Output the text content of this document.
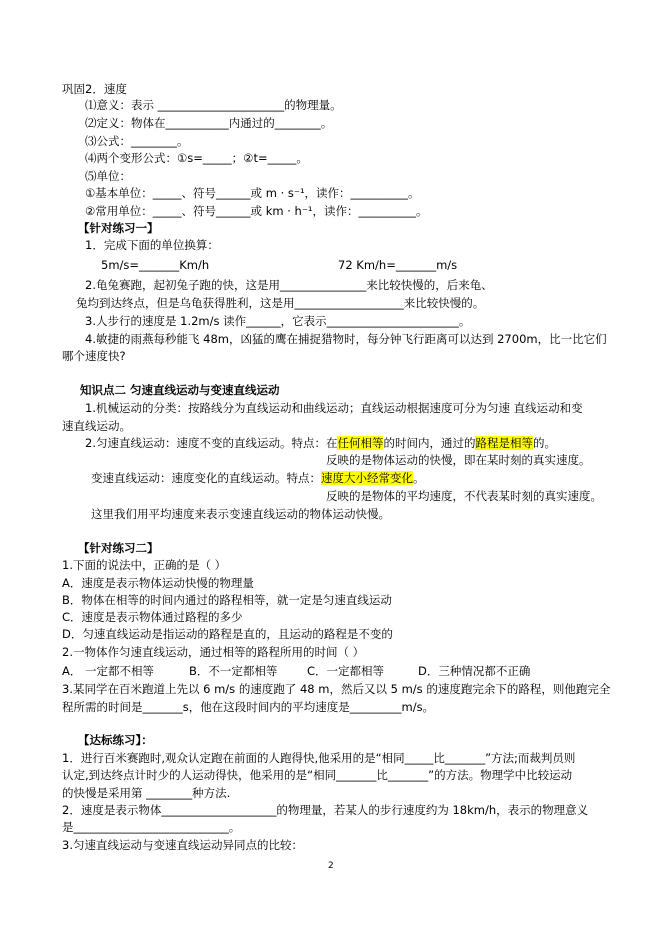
巩固2．速度
⑴意义：表示 ______________________的物理量。
⑵定义：物体在___________内通过的________。
⑶公式：________。
⑷两个变形公式：①s=_____；②t=_____。
⑸单位：
①基本单位：_____、符号______或 m · s⁻¹，读作：__________。
②常用单位：_____、符号______或 km · h⁻¹，读作：__________。
【针对练习一】
1．完成下面的单位换算：
5m/s=_______Km/h	72 Km/h=_______m/s
2.龟兔赛跑，起初兔子跑的快，这是用_______________来比较快慢的，后来龟、
兔均到达终点，但是乌龟获得胜利，这是用___________________来比较快慢的。
3.人步行的速度是 1.2m/s 读作______，它表示_______________________。
4.敏捷的雨燕每秒能飞 48m，凶猛的鹰在捕捉猎物时，每分钟飞行距离可以达到 2700m，比一比它们
哪个速度快?
知识点二 匀速直线运动与变速直线运动
1.机械运动的分类：按路线分为直线运动和曲线运动；直线运动根据速度可分为匀速 直线运动和变
速直线运动。
2.匀速直线运动：速度不变的直线运动。特点：在任何相等的时间内，通过的路程是相等的。
反映的是物体运动的快慢，即在某时刻的真实速度。
变速直线运动：速度变化的直线运动。特点：速度大小经常变化。
反映的是物体的平均速度，不代表某时刻的真实速度。
这里我们用平均速度来表示变速直线运动的物体运动快慢。
【针对练习二】
1.下面的说法中，正确的是（ ）
A．速度是表示物体运动快慢的物理量
B．物体在相等的时间内通过的路程相等，就一定是匀速直线运动
C．速度是表示物体通过路程的多少
D．匀速直线运动是指运动的路程是直的，且运动的路程是不变的
2.一物体作匀速直线运动，通过相等的路程所用的时间（ ）
A． 一定都不相等	B．不一定都相等	C．一定都相等	D．三种情况都不正确
3.某同学在百米跑道上先以 6 m/s 的速度跑了 48 m，然后又以 5 m/s 的速度跑完余下的路程，则他跑完全
程所需的时间是_______s，他在这段时间内的平均速度是_________m/s。
【达标练习】：
1．进行百米赛跑时,观众认定跑在前面的人跑得快,他采用的是“相同_____比_______”方法;而裁判员则
认定,到达终点计时少的人运动得快，他采用的是“相同_______比_______”的方法。物理学中比较运动
的快慢是采用第 ________种方法.
2．速度是表示物体____________________的物理量，若某人的步行速度约为 18km/h，表示的物理意义
是___________________________。
3.匀速直线运动与变速直线运动异同点的比较：
2
